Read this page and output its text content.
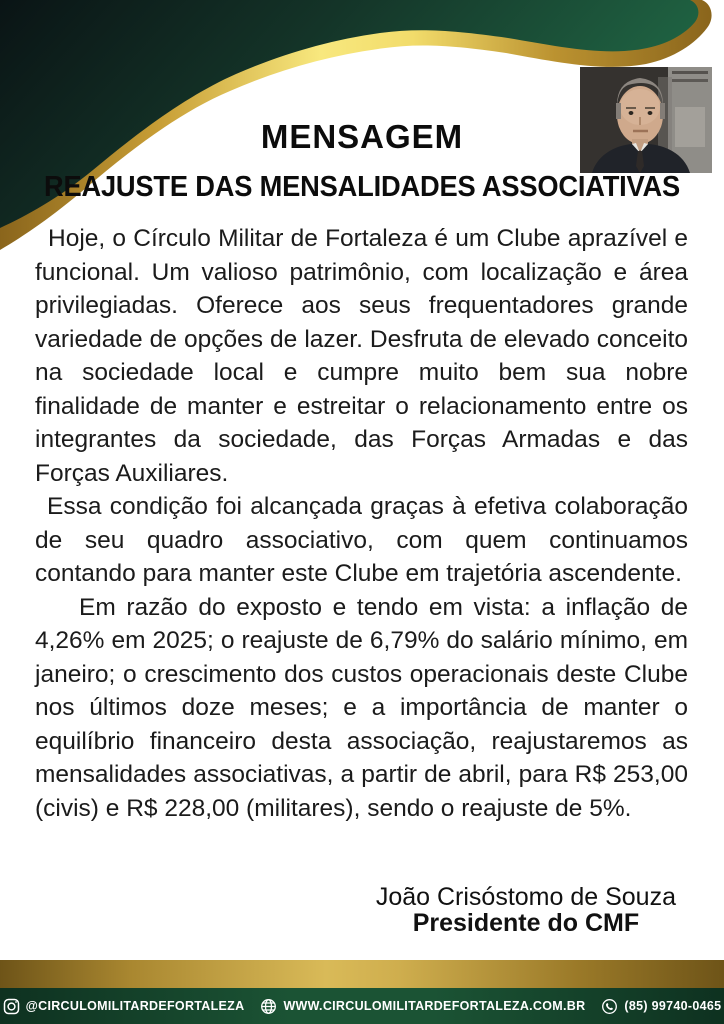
MENSAGEM
REAJUSTE DAS MENSALIDADES ASSOCIATIVAS

Hoje, o Círculo Militar de Fortaleza é um Clube aprazível e funcional. Um valioso patrimônio, com localização e área privilegiadas. Oferece aos seus frequentadores grande variedade de opções de lazer. Desfruta de elevado conceito na sociedade local e cumpre muito bem sua nobre finalidade de manter e estreitar o relacionamento entre os integrantes da sociedade, das Forças Armadas e das Forças Auxiliares.

Essa condição foi alcançada graças à efetiva colaboração de seu quadro associativo, com quem continuamos contando para manter este Clube em trajetória ascendente.

Em razão do exposto e tendo em vista: a inflação de 4,26% em 2025; o reajuste de 6,79% do salário mínimo, em janeiro; o crescimento dos custos operacionais deste Clube nos últimos doze meses; e a importância de manter o equilíbrio financeiro desta associação, reajustaremos as mensalidades associativas, a partir de abril, para R$ 253,00 (civis) e R$ 228,00 (militares), sendo o reajuste de 5%.

João Crisóstomo de Souza
Presidente do CMF
@CIRCULOMILITARDEFORTALEZA	WWW.CIRCULOMILITARDEFORTALEZA.COM.BR	(85) 99740-0465
